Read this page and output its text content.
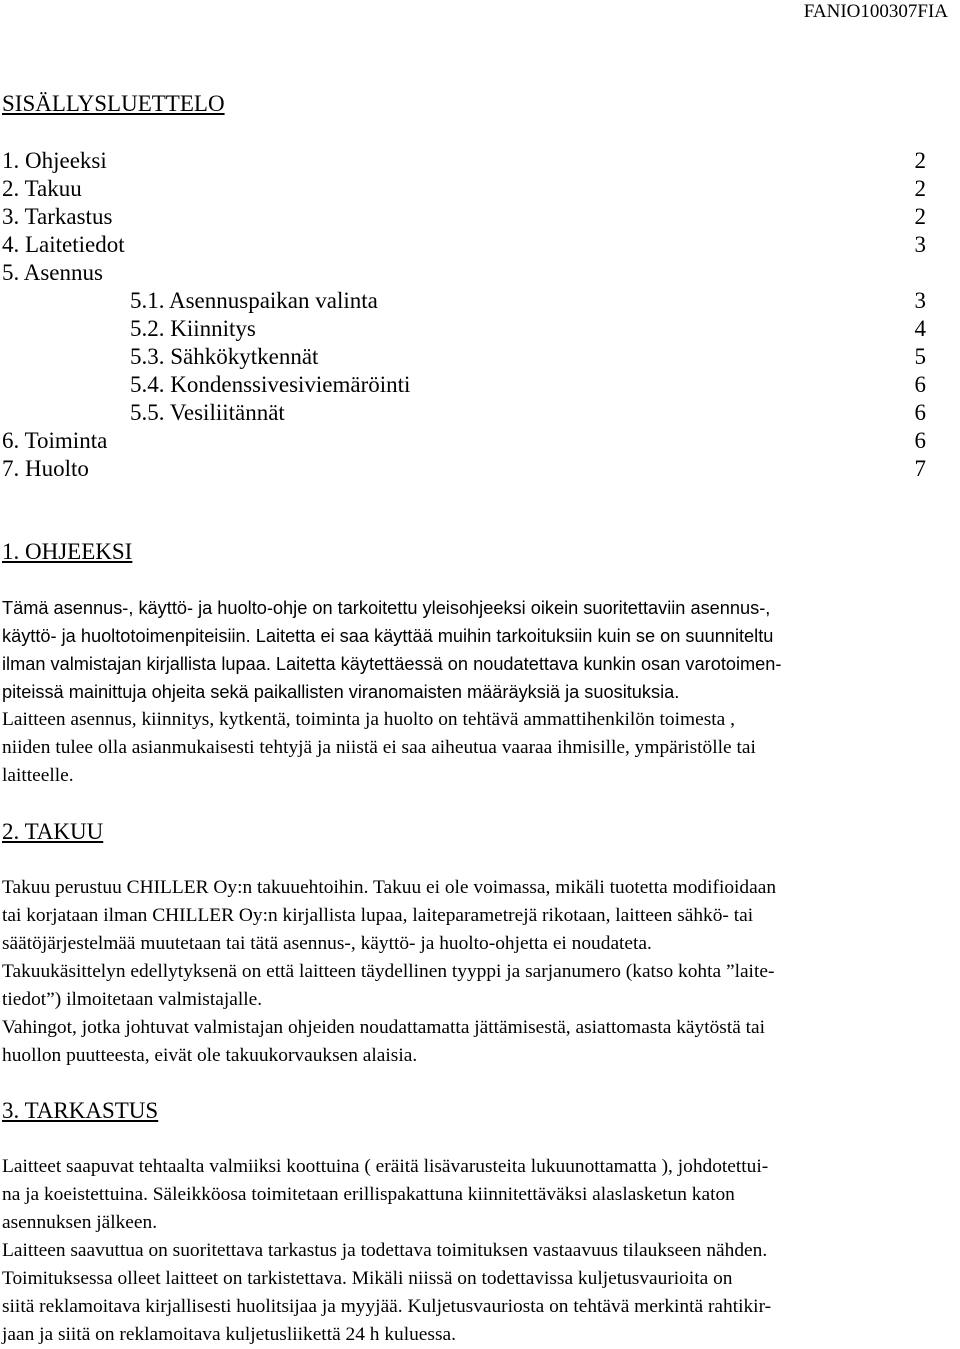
FANIO100307FIA
SISÄLLYSLUETTELO
1. Ohjeeksi	2
2. Takuu	2
3. Tarkastus	2
4. Laitetiedot	3
5. Asennus
5.1. Asennuspaikan valinta	3
5.2. Kiinnitys	4
5.3. Sähkökytkennät	5
5.4. Kondenssivesiviemäröinti	6
5.5. Vesiliitännät	6
6. Toiminta	6
7. Huolto	7
1. OHJEEKSI

Tämä asennus-, käyttö- ja huolto-ohje on tarkoitettu yleisohjeeksi oikein suoritettaviin asennus-,

käyttö- ja huoltotoimenpiteisiin. Laitetta ei saa käyttää muihin tarkoituksiin kuin se on suunniteltu

ilman valmistajan kirjallista lupaa. Laitetta käytettäessä on noudatettava kunkin osan varotoimen-

piteissä mainittuja ohjeita sekä paikallisten viranomaisten määräyksiä ja suosituksia.

Laitteen asennus, kiinnitys, kytkentä, toiminta ja huolto on tehtävä ammattihenkilön toimesta ,

niiden tulee olla asianmukaisesti tehtyjä ja niistä ei saa aiheutua vaaraa ihmisille, ympäristölle tai

laitteelle.

2. TAKUU

Takuu perustuu CHILLER Oy:n takuuehtoihin. Takuu ei ole voimassa, mikäli tuotetta modifioidaan

tai korjataan ilman CHILLER Oy:n kirjallista lupaa, laiteparametrejä rikotaan, laitteen sähkö- tai

säätöjärjestelmää muutetaan tai tätä asennus-, käyttö- ja huolto-ohjetta ei noudateta.

Takuukäsittelyn edellytyksenä on että laitteen täydellinen tyyppi ja sarjanumero (katso kohta ”laite-

tiedot”) ilmoitetaan valmistajalle.

Vahingot, jotka johtuvat valmistajan ohjeiden noudattamatta jättämisestä, asiattomasta käytöstä tai

huollon puutteesta, eivät ole takuukorvauksen alaisia.

3. TARKASTUS

Laitteet saapuvat tehtaalta valmiiksi koottuina ( eräitä lisävarusteita lukuunottamatta ), johdotettui-

na ja koeistettuina. Säleikköosa toimitetaan erillispakattuna kiinnitettäväksi alaslasketun katon

asennuksen jälkeen.

Laitteen saavuttua on suoritettava tarkastus ja todettava toimituksen vastaavuus tilaukseen nähden.

Toimituksessa olleet laitteet on tarkistettava. Mikäli niissä on todettavissa kuljetusvaurioita on

siitä reklamoitava kirjallisesti huolitsijaa ja myyjää. Kuljetusvauriosta on tehtävä merkintä rahtikir-

jaan ja siitä on reklamoitava kuljetusliikettä 24 h kuluessa.
